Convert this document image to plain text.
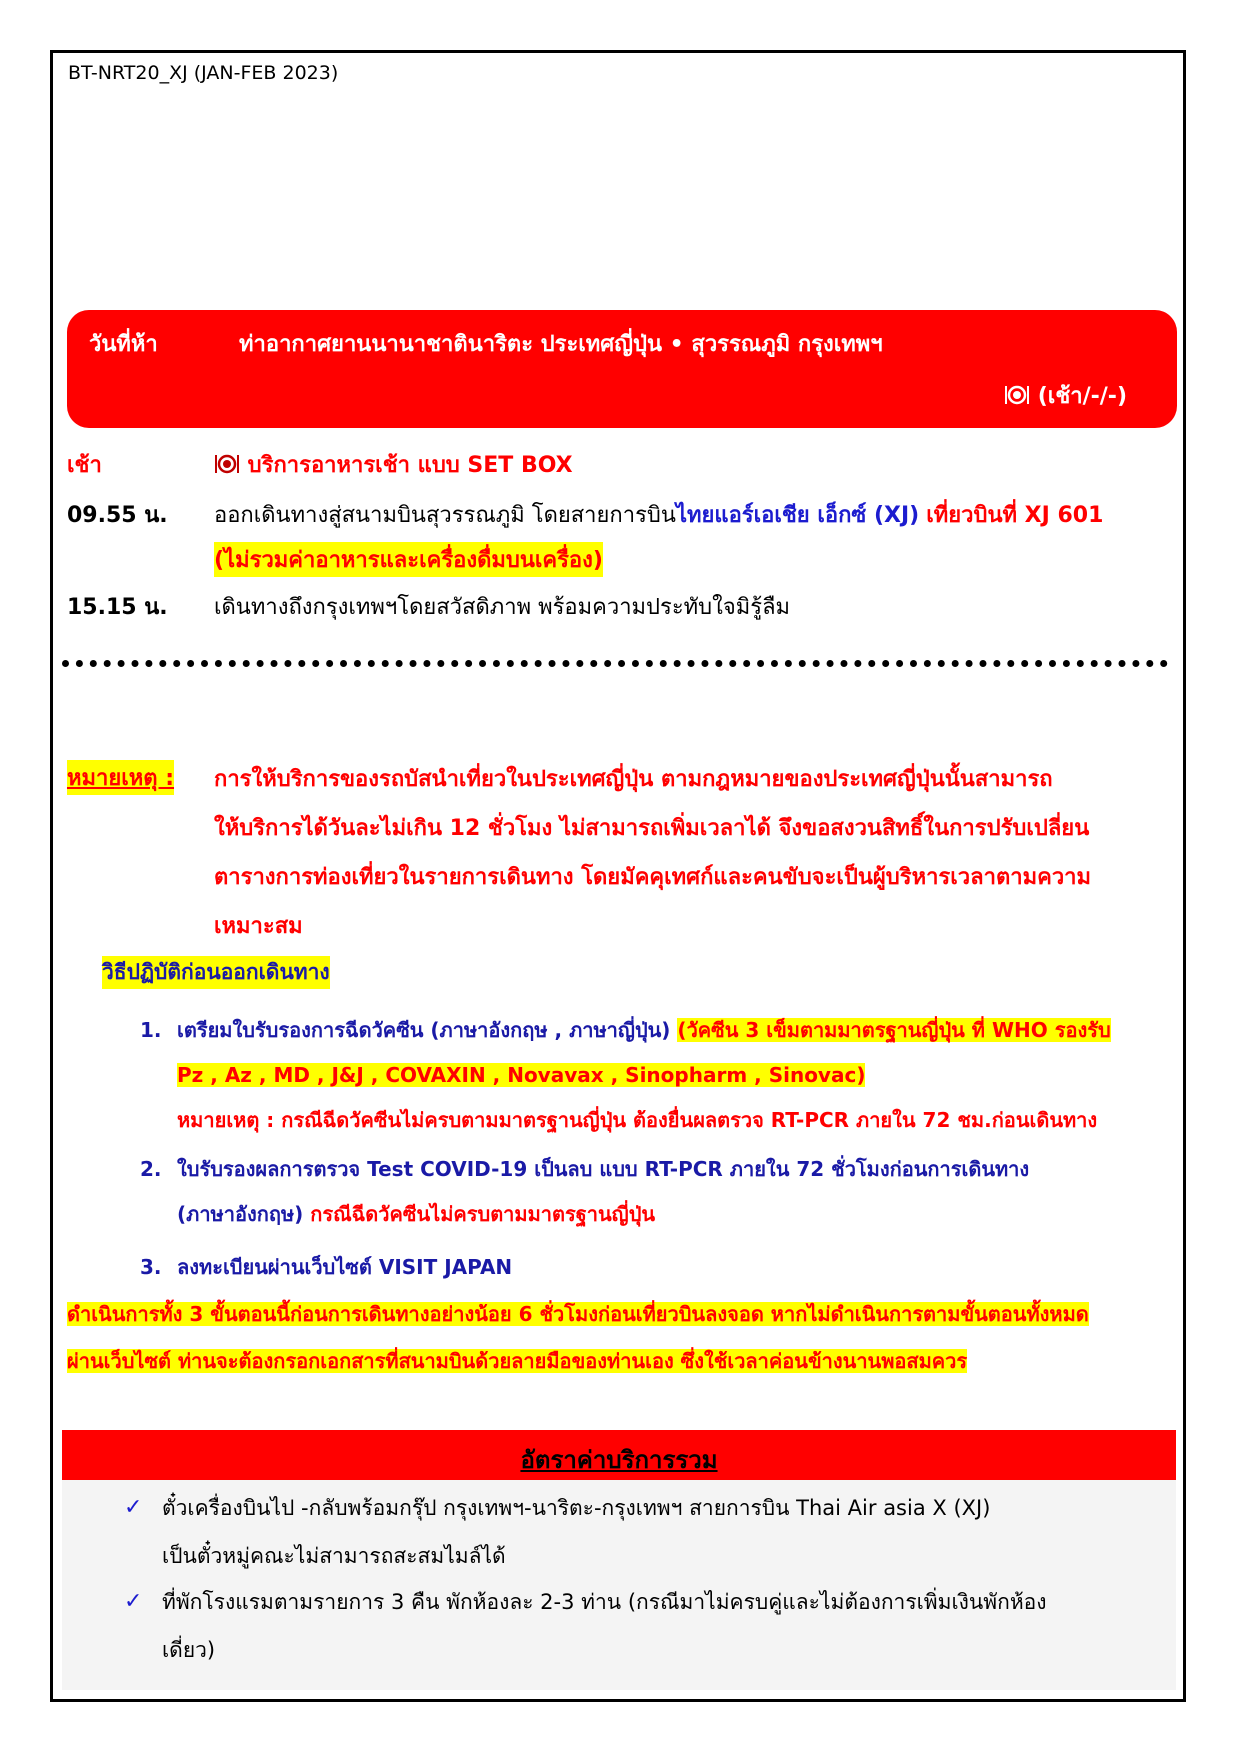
BT-NRT20_XJ (JAN-FEB 2023)
วันที่ห้า	ท่าอากาศยานนานาชาตินาริตะ ประเทศญี่ปุ่น • สุวรรณภูมิ กรุงเทพฯ
(เช้า/-/-)
เช้า	บริการอาหารเช้า แบบ SET BOX
09.55 น. ออกเดินทางสู่สนามบินสุวรรณภูมิ โดยสายการบินไทยแอร์เอเชีย เอ็กซ์ (XJ) เที่ยวบินที่ XJ 601
(ไม่รวมค่าอาหารและเครื่องดื่มบนเครื่อง)
15.15 น. เดินทางถึงกรุงเทพฯโดยสวัสดิภาพ พร้อมความประทับใจมิรู้ลืม
หมายเหตุ : การให้บริการของรถบัสนำเที่ยวในประเทศญี่ปุ่น ตามกฎหมายของประเทศญี่ปุ่นนั้นสามารถ
ให้บริการได้วันละไม่เกิน 12 ชั่วโมง ไม่สามารถเพิ่มเวลาได้ จึงขอสงวนสิทธิ์ในการปรับเปลี่ยน
ตารางการท่องเที่ยวในรายการเดินทาง โดยมัคคุเทศก์และคนขับจะเป็นผู้บริหารเวลาตามความ
เหมาะสม
วิธีปฏิบัติก่อนออกเดินทาง
1. เตรียมใบรับรองการฉีดวัคซีน (ภาษาอังกฤษ , ภาษาญี่ปุ่น) (วัคซีน 3 เข็มตามมาตรฐานญี่ปุ่น ที่ WHO รองรับ
Pz , Az , MD , J&J , COVAXIN , Novavax , Sinopharm , Sinovac)
หมายเหตุ : กรณีฉีดวัคซีนไม่ครบตามมาตรฐานญี่ปุ่น ต้องยื่นผลตรวจ RT-PCR ภายใน 72 ชม.ก่อนเดินทาง
2. ใบรับรองผลการตรวจ Test COVID-19 เป็นลบ แบบ RT-PCR ภายใน 72 ชั่วโมงก่อนการเดินทาง
(ภาษาอังกฤษ) กรณีฉีดวัคซีนไม่ครบตามมาตรฐานญี่ปุ่น
3. ลงทะเบียนผ่านเว็บไซต์ VISIT JAPAN
ดำเนินการทั้ง 3 ขั้นตอนนี้ก่อนการเดินทางอย่างน้อย 6 ชั่วโมงก่อนเที่ยวบินลงจอด หากไม่ดำเนินการตามขั้นตอนทั้งหมด
ผ่านเว็บไซต์ ท่านจะต้องกรอกเอกสารที่สนามบินด้วยลายมือของท่านเอง ซึ่งใช้เวลาค่อนข้างนานพอสมควร
อัตราค่าบริการรวม
✓ ตั๋วเครื่องบินไป -กลับพร้อมกรุ๊ป กรุงเทพฯ-นาริตะ-กรุงเทพฯ สายการบิน Thai Air asia X (XJ)
เป็นตั๋วหมู่คณะไม่สามารถสะสมไมล์ได้
✓ ที่พักโรงแรมตามรายการ 3 คืน พักห้องละ 2-3 ท่าน (กรณีมาไม่ครบคู่และไม่ต้องการเพิ่มเงินพักห้อง
เดี่ยว)
